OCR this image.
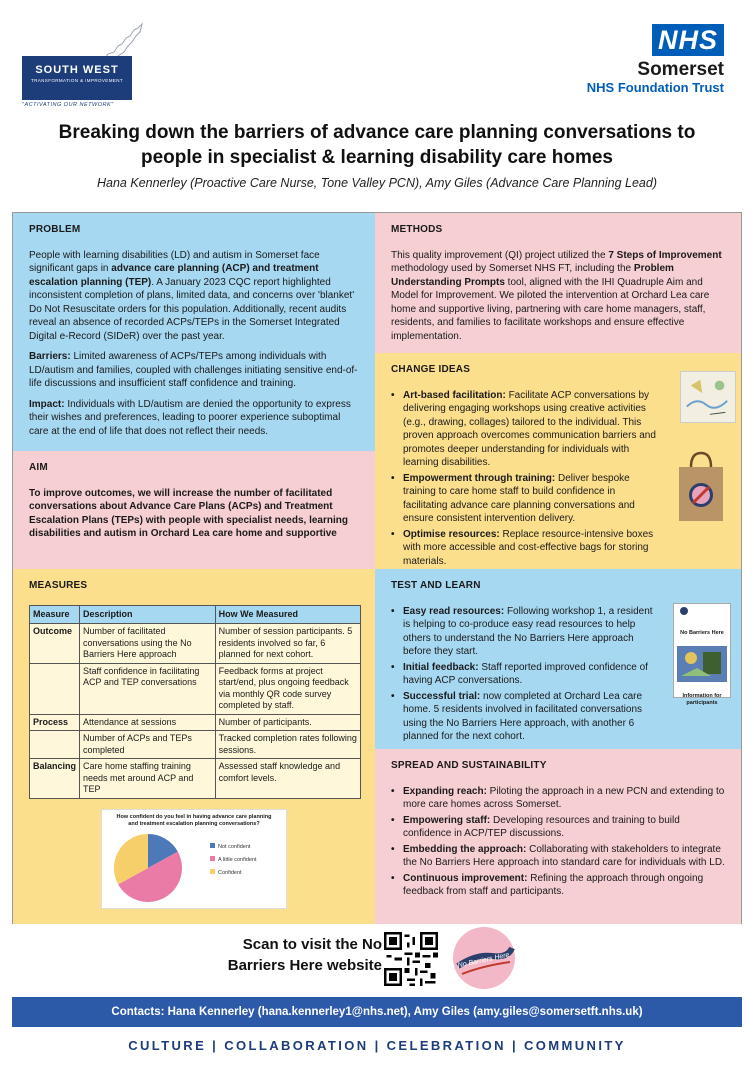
SOUTH WEST
TRANSFORMATION & IMPROVEMENT
"ACTIVATING OUR NETWORK"
NHS
Somerset
NHS Foundation Trust
Breaking down the barriers of advance care planning conversations to
people in specialist & learning disability care homes
Hana Kennerley (Proactive Care Nurse, Tone Valley PCN), Amy Giles (Advance Care Planning Lead)
PROBLEM

People with learning disabilities (LD) and autism in Somerset face significant gaps in advance care planning (ACP) and treatment escalation planning (TEP). A January 2023 CQC report highlighted inconsistent completion of plans, limited data, and concerns over 'blanket' Do Not Resuscitate orders for this population. Additionally, recent audits reveal an absence of recorded ACPs/TEPs in the Somerset Integrated Digital e-Record (SIDeR) over the past year.

Barriers: Limited awareness of ACPs/TEPs among individuals with LD/autism and families, coupled with challenges initiating sensitive end-of-life discussions and insufficient staff confidence and training.

Impact: Individuals with LD/autism are denied the opportunity to express their wishes and preferences, leading to poorer experience suboptimal care at the end of life that does not reflect their needs.

AIM

To improve outcomes, we will increase the number of facilitated conversations about Advance Care Plans (ACPs) and Treatment Escalation Plans (TEPs) with people with specialist needs, learning disabilities and autism in Orchard Lea care home and supportive

METHODS

This quality improvement (QI) project utilized the 7 Steps of Improvement methodology used by Somerset NHS FT, including the Problem Understanding Prompts tool, aligned with the IHI Quadruple Aim and Model for Improvement. We piloted the intervention at Orchard Lea care home and supportive living, partnering with care home managers, staff, residents, and families to facilitate workshops and ensure effective implementation.

CHANGE IDEAS
• Art-based facilitation: Facilitate ACP conversations by delivering engaging workshops using creative activities (e.g., drawing, collages) tailored to the individual. This proven approach overcomes communication barriers and promotes deeper understanding for individuals with learning disabilities.
• Empowerment through training: Deliver bespoke training to care home staff to build confidence in facilitating advance care planning conversations and ensure consistent intervention delivery.
• Optimise resources: Replace resource-intensive boxes with more accessible and cost-effective bags for storing materials.
MEASURES
Measure	Description	How We Measured
Outcome	Number of facilitated conversations using the No Barriers Here approach	Number of session participants. 5 residents involved so far, 6 planned for next cohort.
	Staff confidence in facilitating ACP and TEP conversations	Feedback forms at project start/end, plus ongoing feedback via monthly QR code survey completed by staff.
Process	Attendance at sessions	Number of participants.
	Number of ACPs and TEPs completed	Tracked completion rates following sessions.
Balancing	Care home staffing training needs met around ACP and TEP	Assessed staff knowledge and comfort levels.
How confident do you feel in having advance care planning and treatment escalation planning conversations?
Not confident
A little confident
Confident
TEST AND LEARN
• Easy read resources: Following workshop 1, a resident is helping to co-produce easy read resources to help others to understand the No Barriers Here approach before they start.
• Initial feedback: Staff reported improved confidence of having ACP conversations.
• Successful trial: now completed at Orchard Lea care home. 5 residents involved in facilitated conversations using the No Barriers Here approach, with another 6 planned for the next cohort.
No Barriers Here
Information for participants
SPREAD AND SUSTAINABILITY
• Expanding reach: Piloting the approach in a new PCN and extending to more care homes across Somerset.
• Empowering staff: Developing resources and training to build confidence in ACP/TEP discussions.
• Embedding the approach: Collaborating with stakeholders to integrate the No Barriers Here approach into standard care for individuals with LD.
• Continuous improvement: Refining the approach through ongoing feedback from staff and participants.
Scan to visit the No
Barriers Here website	No Barriers Here
Contacts: Hana Kennerley (hana.kennerley1@nhs.net), Amy Giles (amy.giles@somersetft.nhs.uk)
CULTURE | COLLABORATION | CELEBRATION | COMMUNITY
